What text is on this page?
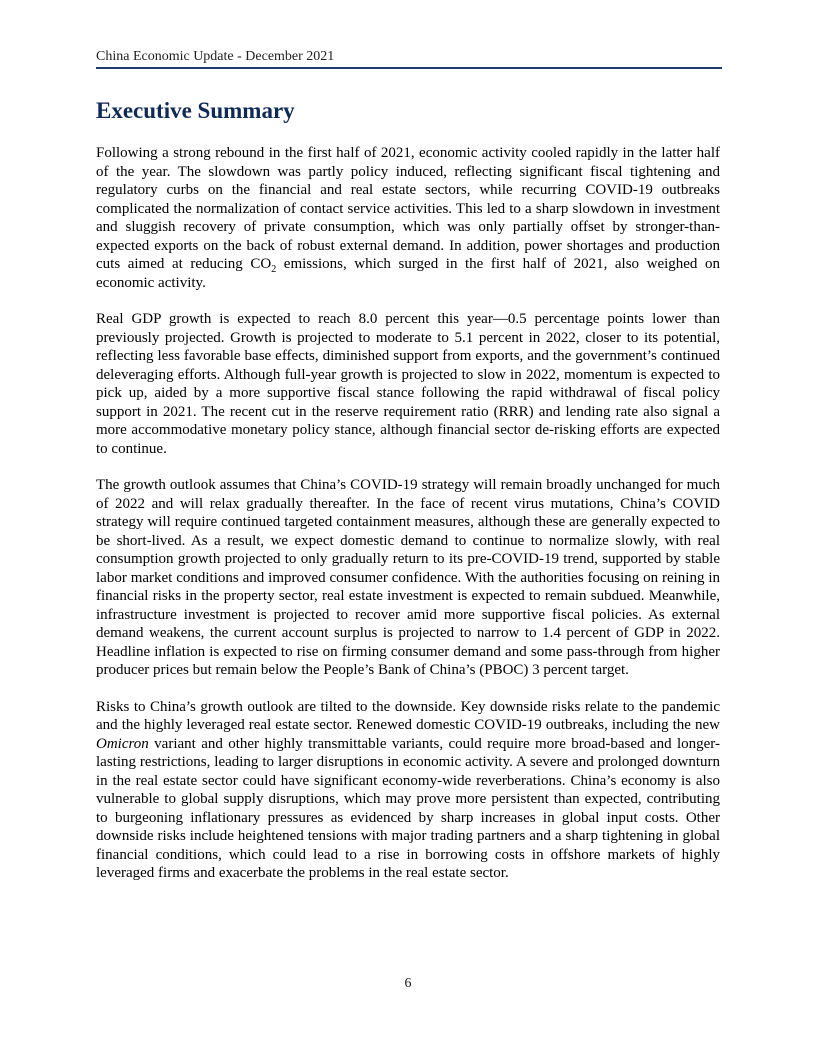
China Economic Update - December 2021
Executive Summary

Following a strong rebound in the first half of 2021, economic activity cooled rapidly in the latter half of the year. The slowdown was partly policy induced, reflecting significant fiscal tightening and regulatory curbs on the financial and real estate sectors, while recurring COVID-19 outbreaks complicated the normalization of contact service activities. This led to a sharp slowdown in investment and sluggish recovery of private consumption, which was only partially offset by stronger-than-expected exports on the back of robust external demand. In addition, power shortages and production cuts aimed at reducing $CO_2$ emissions, which surged in the first half of 2021, also weighed on economic activity.

Real GDP growth is expected to reach 8.0 percent this year—0.5 percentage points lower than previously projected. Growth is projected to moderate to 5.1 percent in 2022, closer to its potential, reflecting less favorable base effects, diminished support from exports, and the government’s continued deleveraging efforts. Although full-year growth is projected to slow in 2022, momentum is expected to pick up, aided by a more supportive fiscal stance following the rapid withdrawal of fiscal policy support in 2021. The recent cut in the reserve requirement ratio (RRR) and lending rate also signal a more accommodative monetary policy stance, although financial sector de-risking efforts are expected to continue.

The growth outlook assumes that China’s COVID-19 strategy will remain broadly unchanged for much of 2022 and will relax gradually thereafter. In the face of recent virus mutations, China’s COVID strategy will require continued targeted containment measures, although these are generally expected to be short-lived. As a result, we expect domestic demand to continue to normalize slowly, with real consumption growth projected to only gradually return to its pre-COVID-19 trend, supported by stable labor market conditions and improved consumer confidence. With the authorities focusing on reining in financial risks in the property sector, real estate investment is expected to remain subdued. Meanwhile, infrastructure investment is projected to recover amid more supportive fiscal policies. As external demand weakens, the current account surplus is projected to narrow to 1.4 percent of GDP in 2022. Headline inflation is expected to rise on firming consumer demand and some pass-through from higher producer prices but remain below the People’s Bank of China’s (PBOC) 3 percent target.

Risks to China’s growth outlook are tilted to the downside. Key downside risks relate to the pandemic and the highly leveraged real estate sector. Renewed domestic COVID-19 outbreaks, including the new Omicron variant and other highly transmittable variants, could require more broad-based and longer-lasting restrictions, leading to larger disruptions in economic activity. A severe and prolonged downturn in the real estate sector could have significant economy-wide reverberations. China’s economy is also vulnerable to global supply disruptions, which may prove more persistent than expected, contributing to burgeoning inflationary pressures as evidenced by sharp increases in global input costs. Other downside risks include heightened tensions with major trading partners and a sharp tightening in global financial conditions, which could lead to a rise in borrowing costs in offshore markets of highly leveraged firms and exacerbate the problems in the real estate sector.

6
